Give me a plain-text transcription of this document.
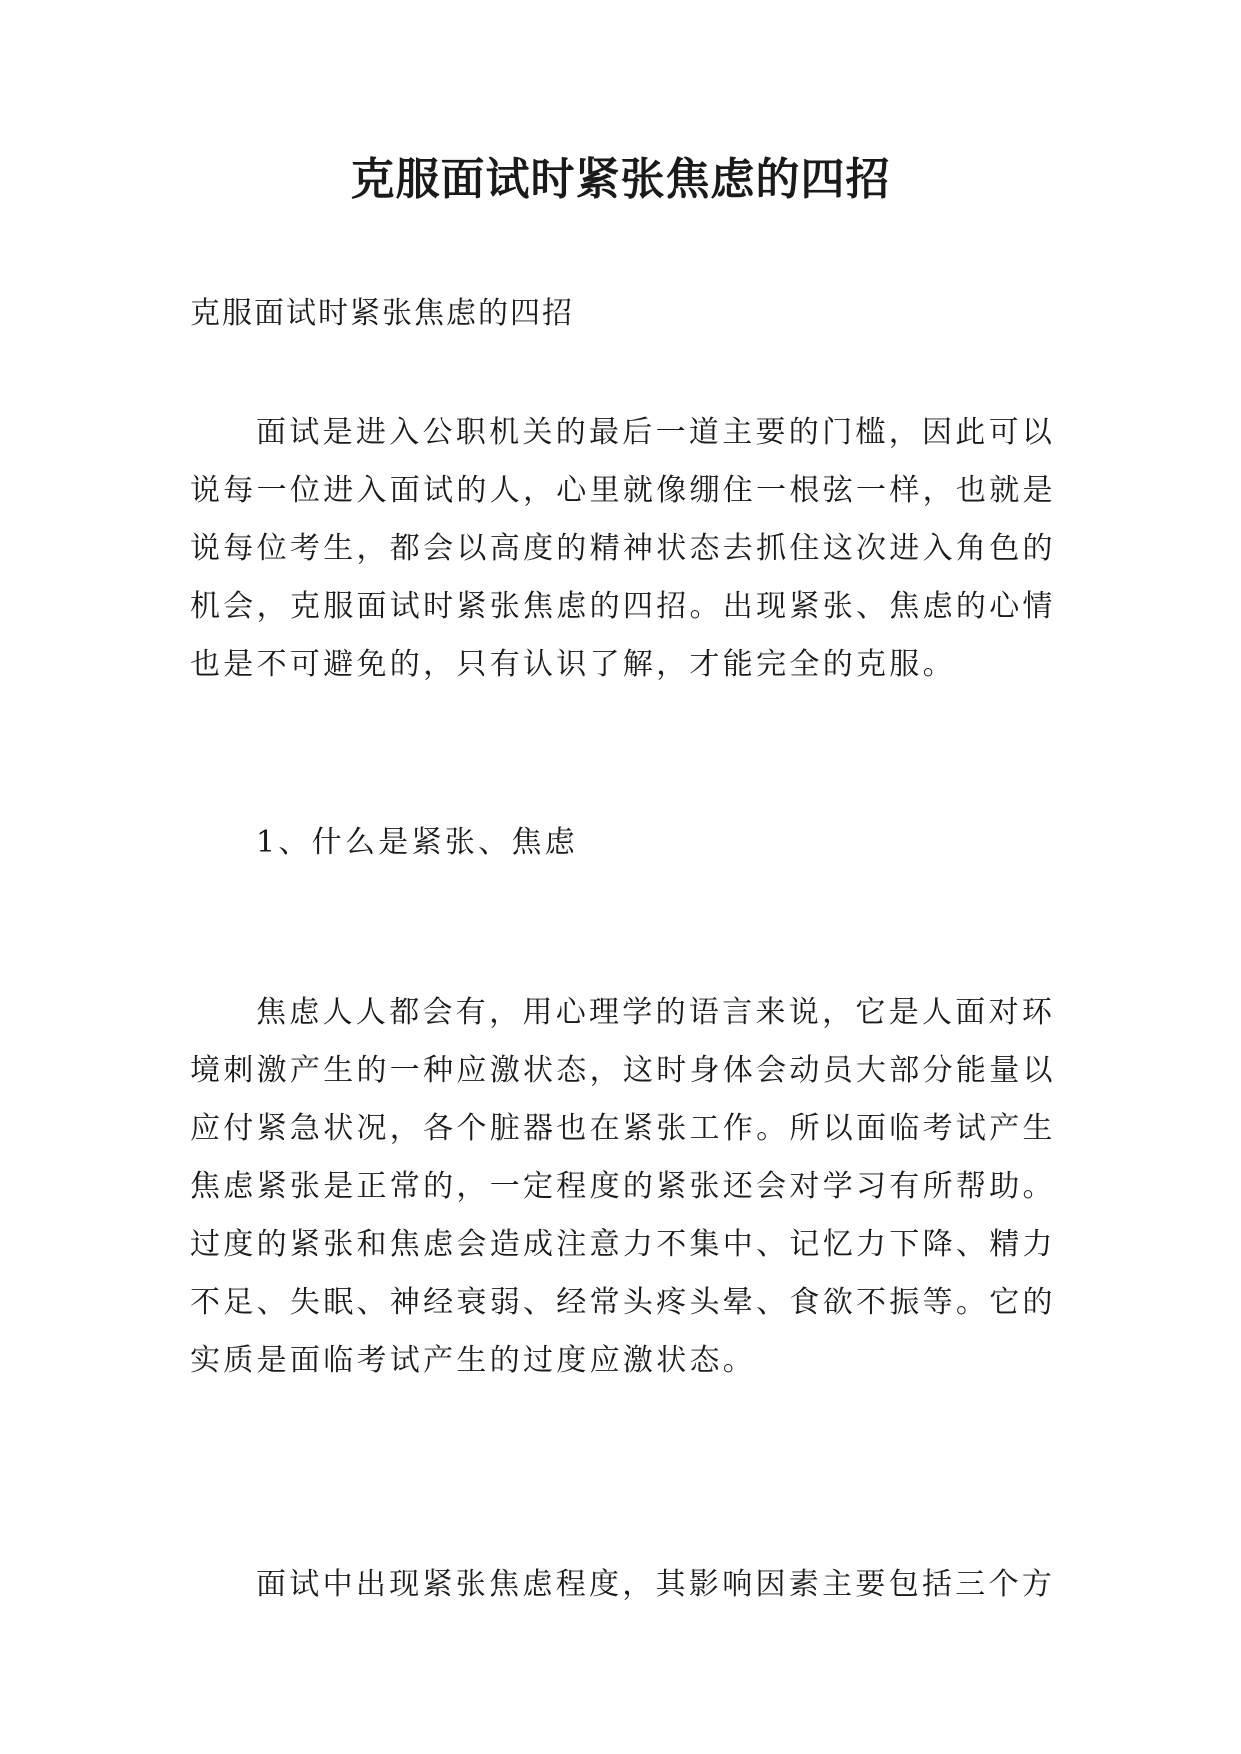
克服面试时紧张焦虑的四招

克服面试时紧张焦虑的四招

面试是进入公职机关的最后一道主要的门槛，因此可以
说每一位进入面试的人，心里就像绷住一根弦一样，也就是
说每位考生，都会以高度的精神状态去抓住这次进入角色的
机会，克服面试时紧张焦虑的四招。出现紧张、焦虑的心情
也是不可避免的，只有认识了解，才能完全的克服。

1、什么是紧张、焦虑

焦虑人人都会有，用心理学的语言来说，它是人面对环
境刺激产生的一种应激状态，这时身体会动员大部分能量以
应付紧急状况，各个脏器也在紧张工作。所以面临考试产生
焦虑紧张是正常的，一定程度的紧张还会对学习有所帮助。
过度的紧张和焦虑会造成注意力不集中、记忆力下降、精力
不足、失眠、神经衰弱、经常头疼头晕、食欲不振等。它的
实质是面临考试产生的过度应激状态。

面试中出现紧张焦虑程度，其影响因素主要包括三个方
